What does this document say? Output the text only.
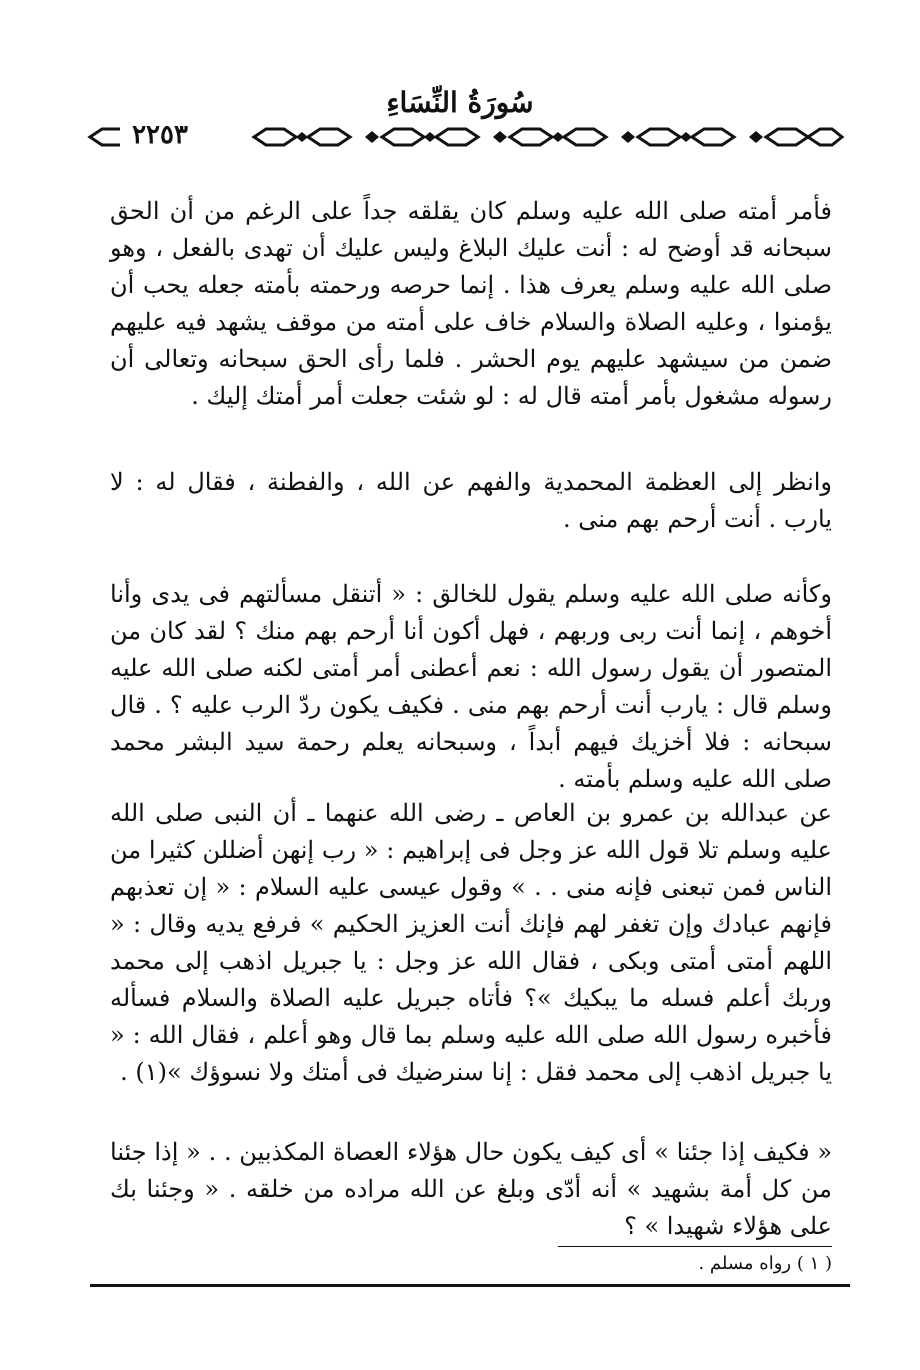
سُورَةُ النِّسَاءِ
٢٢٥٣

فأمر أمته صلى الله عليه وسلم كان يقلقه جداً على الرغم من أن الحق سبحانه قد أوضح له : أنت عليك البلاغ وليس عليك أن تهدى بالفعل ، وهو صلى الله عليه وسلم يعرف هذا . إنما حرصه ورحمته بأمته جعله يحب أن يؤمنوا ، وعليه الصلاة والسلام خاف على أمته من موقف يشهد فيه عليهم ضمن من سيشهد عليهم يوم الحشر . فلما رأى الحق سبحانه وتعالى أن رسوله مشغول بأمر أمته قال له : لو شئت جعلت أمر أمتك إليك .

وانظر إلى العظمة المحمدية والفهم عن الله ، والفطنة ، فقال له : لا يارب . أنت أرحم بهم منى .

وكأنه صلى الله عليه وسلم يقول للخالق : « أتنقل مسألتهم فى يدى وأنا أخوهم ، إنما أنت ربى وربهم ، فهل أكون أنا أرحم بهم منك ؟ لقد كان من المتصور أن يقول رسول الله : نعم أعطنى أمر أمتى لكنه صلى الله عليه وسلم قال : يارب أنت أرحم بهم منى . فكيف يكون ردّ الرب عليه ؟ . قال سبحانه : فلا أخزيك فيهم أبداً ، وسبحانه يعلم رحمة سيد البشر محمد صلى الله عليه وسلم بأمته .

عن عبدالله بن عمرو بن العاص ـ رضى الله عنهما ـ أن النبى صلى الله عليه وسلم تلا قول الله عز وجل فى إبراهيم : « رب إنهن أضللن كثيرا من الناس فمن تبعنى فإنه منى . . » وقول عيسى عليه السلام : « إن تعذبهم فإنهم عبادك وإن تغفر لهم فإنك أنت العزيز الحكيم » فرفع يديه وقال : « اللهم أمتى أمتى وبكى ، فقال الله عز وجل : يا جبريل اذهب إلى محمد وربك أعلم فسله ما يبكيك »؟ فأتاه جبريل عليه الصلاة والسلام فسأله فأخبره رسول الله صلى الله عليه وسلم بما قال وهو أعلم ، فقال الله : « يا جبريل اذهب إلى محمد فقل : إنا سنرضيك فى أمتك ولا نسوؤك »(١) .

« فكيف إذا جئنا » أى كيف يكون حال هؤلاء العصاة المكذبين . . « إذا جئنا من كل أمة بشهيد » أنه أدّى وبلغ عن الله مراده من خلقه . « وجئنا بك على هؤلاء شهيدا » ؟

( ١ ) رواه مسلم .
